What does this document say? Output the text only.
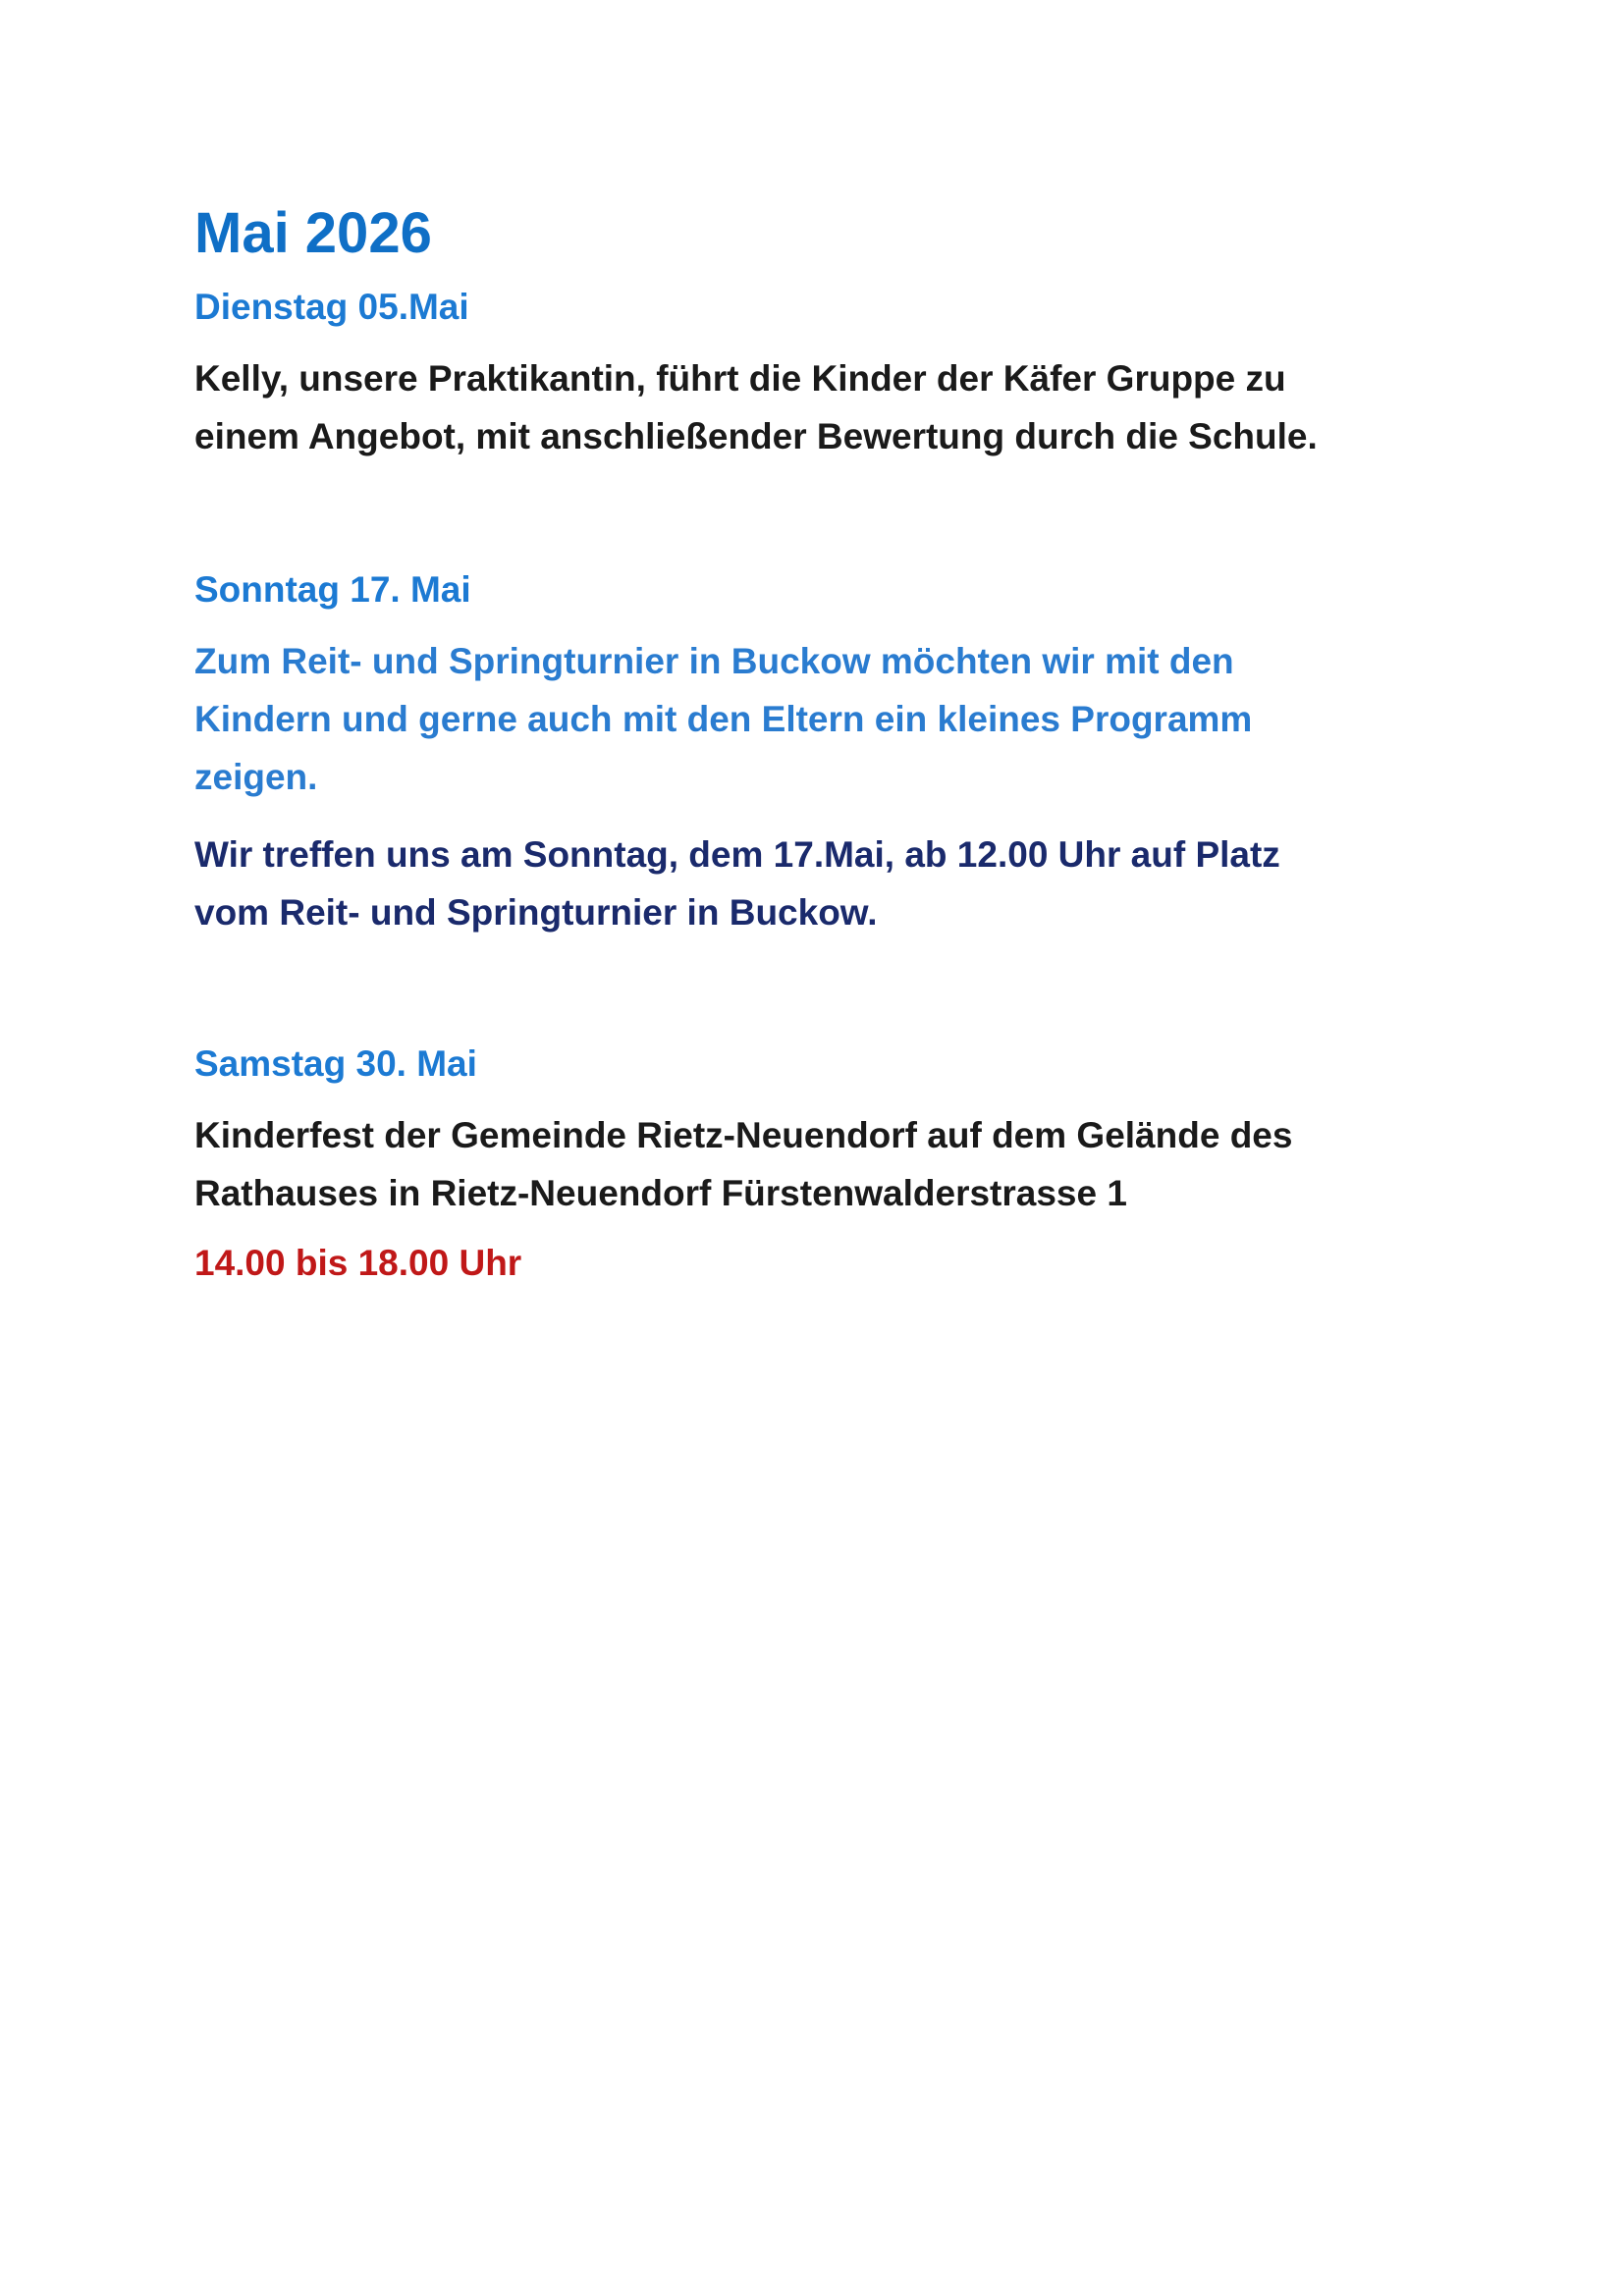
Mai 2026
Dienstag 05.Mai

Kelly, unsere Praktikantin, führt die Kinder der Käfer Gruppe zu
einem Angebot, mit anschließender Bewertung durch die Schule.

Sonntag 17. Mai

Zum Reit- und Springturnier in Buckow möchten wir mit den
Kindern und gerne auch mit den Eltern ein kleines Programm
zeigen.

Wir treffen uns am Sonntag, dem 17.Mai, ab 12.00 Uhr auf Platz
vom Reit- und Springturnier in Buckow.

Samstag 30. Mai

Kinderfest der Gemeinde Rietz-Neuendorf auf dem Gelände des
Rathauses in Rietz-Neuendorf Fürstenwalderstrasse 1

14.00 bis 18.00 Uhr
